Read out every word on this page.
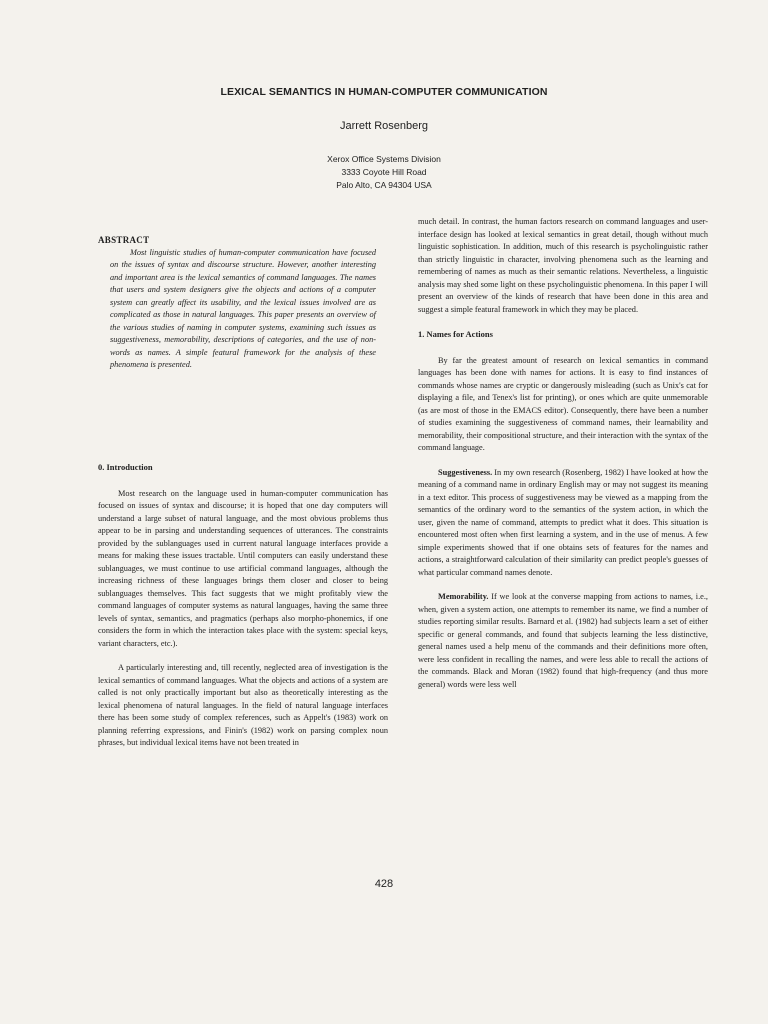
LEXICAL SEMANTICS IN HUMAN-COMPUTER COMMUNICATION
Jarrett Rosenberg
Xerox Office Systems Division
3333 Coyote Hill Road
Palo Alto, CA 94304 USA

ABSTRACT

Most linguistic studies of human-computer communication have focused on the issues of syntax and discourse structure. However, another interesting and important area is the lexical semantics of command languages. The names that users and system designers give the objects and actions of a computer system can greatly affect its usability, and the lexical issues involved are as complicated as those in natural languages. This paper presents an overview of the various studies of naming in computer systems, examining such issues as suggestiveness, memorability, descriptions of categories, and the use of non-words as names. A simple featural framework for the analysis of these phenomena is presented.

0. Introduction

Most research on the language used in human-computer communication has focused on issues of syntax and discourse; it is hoped that one day computers will understand a large subset of natural language, and the most obvious problems thus appear to be in parsing and understanding sequences of utterances. The constraints provided by the sublanguages used in current natural language interfaces provide a means for making these issues tractable. Until computers can easily understand these sublanguages, we must continue to use artificial command languages, although the increasing richness of these languages brings them closer and closer to being sublanguages themselves. This fact suggests that we might profitably view the command languages of computer systems as natural languages, having the same three levels of syntax, semantics, and pragmatics (perhaps also morpho-phonemics, if one considers the form in which the interaction takes place with the system: special keys, variant characters, etc.).

A particularly interesting and, till recently, neglected area of investigation is the lexical semantics of command languages. What the objects and actions of a system are called is not only practically important but also as theoretically interesting as the lexical phenomena of natural languages. In the field of natural language interfaces there has been some study of complex references, such as Appelt's (1983) work on planning referring expressions, and Finin's (1982) work on parsing complex noun phrases, but individual lexical items have not been treated in

much detail. In contrast, the human factors research on command languages and user-interface design has looked at lexical semantics in great detail, though without much linguistic sophistication. In addition, much of this research is psycholinguistic rather than strictly linguistic in character, involving phenomena such as the learning and remembering of names as much as their semantic relations. Nevertheless, a linguistic analysis may shed some light on these psycholinguistic phenomena. In this paper I will present an overview of the kinds of research that have been done in this area and suggest a simple featural framework in which they may be placed.

1. Names for Actions

By far the greatest amount of research on lexical semantics in command languages has been done with names for actions. It is easy to find instances of commands whose names are cryptic or dangerously misleading (such as Unix's cat for displaying a file, and Tenex's list for printing), or ones which are quite unmemorable (as are most of those in the EMACS editor). Consequently, there have been a number of studies examining the suggestiveness of command names, their learnability and memorability, their compositional structure, and their interaction with the syntax of the command language.

Suggestiveness. In my own research (Rosenberg, 1982) I have looked at how the meaning of a command name in ordinary English may or may not suggest its meaning in a text editor. This process of suggestiveness may be viewed as a mapping from the semantics of the ordinary word to the semantics of the system action, in which the user, given the name of command, attempts to predict what it does. This situation is encountered most often when first learning a system, and in the use of menus. A few simple experiments showed that if one obtains sets of features for the names and actions, a straightforward calculation of their similarity can predict people's guesses of what particular command names denote.

Memorability. If we look at the converse mapping from actions to names, i.e., when, given a system action, one attempts to remember its name, we find a number of studies reporting similar results. Barnard et al. (1982) had subjects learn a set of either specific or general commands, and found that subjects learning the less distinctive, general names used a help menu of the commands and their definitions more often, were less confident in recalling the names, and were less able to recall the actions of the commands. Black and Moran (1982) found that high-frequency (and thus more general) words were less well

428
